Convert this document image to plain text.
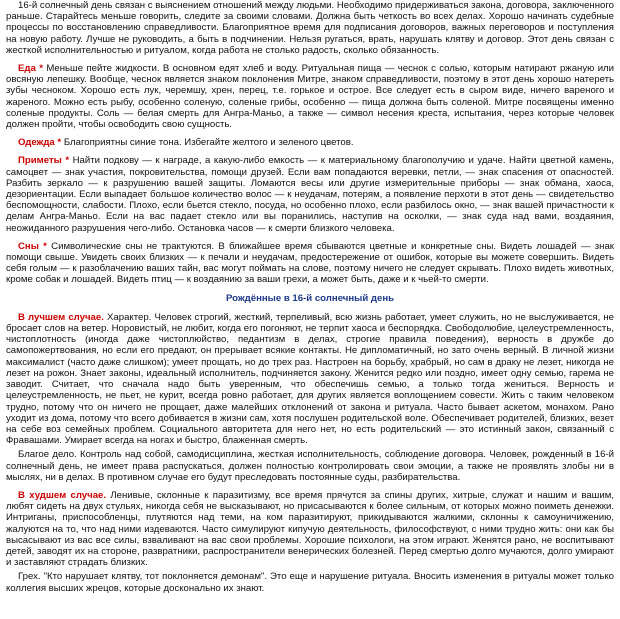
16-й солнечный день связан с выяснением отношений между людьми. Необходимо придерживаться закона, договора, заключенного раньше. Старайтесь меньше говорить, следите за своими словами. Должна быть четкость во всех делах. Хорошо начинать судебные процессы по восстановлению справедливости. Благоприятное время для подписания договоров, важных переговоров и поступления на новую работу. Лучше не руководить, а быть в подчинении. Нельзя ругаться, врать, нарушать клятву и договор. Этот день связан с жесткой исполнительностью и ритуалом, когда работа не столько радость, сколько обязанность.

Еда * Меньше пейте жидкости. В основном едят хлеб и воду. Ритуальная пища — чеснок с солью, которым натирают ржаную или овсяную лепешку. Вообще, чеснок является знаком поклонения Митре, знаком справедливости, поэтому в этот день хорошо натереть зубы чесноком. Хорошо есть лук, черемшу, хрен, перец, т.е. горькое и острое. Все следует есть в сыром виде, ничего вареного и жареного. Можно есть рыбу, особенно соленую, соленые грибы, особенно — пища должна быть соленой. Митре посвящены именно соленые продукты. Соль — белая смерть для Ангра-Маньо, а также — символ несения креста, испытания, через которые человек должен пройти, чтобы освободить свою сущность.

Одежда * Благоприятны синие тона. Избегайте желтого и зеленого цветов.

Приметы * Найти подкову — к награде, а какую-либо емкость — к материальному благополучию и удаче. Найти цветной камень, самоцвет — знак участия, покровительства, помощи друзей. Если вам попадаются веревки, петли, — знак спасения от опасностей. Разбить зеркало — к разрушению вашей защиты. Ломаются весы или другие измерительные приборы — знак обмана, хаоса, дезориентации. Если выпадает большое количество волос — к неудачам, потерям, а появление перхоти в этот день — свидетельство беспомощности, слабости. Плохо, если бьется стекло, посуда, но особенно плохо, если разбилось окно, — знак вашей причастности к делам Ангра-Маньо. Если на вас падает стекло или вы поранились, наступив на осколки, — знак суда над вами, воздаяния, неожиданного разрушения чего-либо. Остановка часов — к смерти близкого человека.

Сны * Символические сны не трактуются. В ближайшее время сбываются цветные и конкретные сны. Видеть лошадей — знак помощи свыше. Увидеть своих близких — к печали и неудачам, предостережение от ошибок, которые вы можете совершить. Видеть себя голым — к разоблачению ваших тайн, вас могут поймать на слове, поэтому ничего не следует скрывать. Плохо видеть животных, кроме собак и лошадей. Видеть птиц — к воздаянию за ваши грехи, а может быть, даже и к чьей-то смерти.

Рождённые в 16-й солнечный день

В лучшем случае. Характер. Человек строгий, жесткий, терпеливый, всю жизнь работает, умеет служить, но не выслуживается, не бросает слов на ветер. Норовистый, не любит, когда его погоняют, не терпит хаоса и беспорядка. Свободолюбие, целеустремленность, чистоплотность (иногда даже чистоплюйство, педантизм в делах, строгие правила поведения), верность в дружбе до самопожертвования, но если его предают, он прерывает всякие контакты. Не дипломатичный, но зато очень верный. В личной жизни максималист (часто даже слишком); умеет прощать, но до трех раз. Настроен на борьбу, храбрый, но сам в драку не лезет, никогда не лезет на рожон. Знает законы, идеальный исполнитель, подчиняется закону. Женится редко или поздно, имеет одну семью, гарема не заводит. Считает, что сначала надо быть уверенным, что обеспечишь семью, а только тогда жениться. Верность и целеустремленность, не пьет, не курит, всегда ровно работает, для других является воплощением совести. Жить с таким человеком трудно, потому что он ничего не прощает, даже малейших отклонений от закона и ритуала. Часто бывает аскетом, монахом. Рано уходит из дома, потому что всего добивается в жизни сам, хотя послушен родительской воле. Обеспечивает родителей, близких, везет на себе воз семейных проблем. Социального авторитета для него нет, но есть родительский — это истинный закон, связанный с Фравашами. Умирает всегда на ногах и быстро, блаженная смерть.

Благое дело. Контроль над собой, самодисциплина, жесткая исполнительность, соблюдение договора. Человек, рожденный в 16-й солнечный день, не имеет права распускаться, должен полностью контролировать свои эмоции, а также не проявлять злобы ни в мыслях, ни в делах. В противном случае его будут преследовать постоянные суды, разбирательства.

В худшем случае. Ленивые, склонные к паразитизму, все время прячутся за спины других, хитрые, служат и нашим и вашим, любят сидеть на двух стульях, никогда себя не высказывают, но присасываются к более сильным, от которых можно поиметь денежки. Интриганы, приспособленцы, плутяются над теми, на ком паразитируют, прикидываются жалкими, склонны к самоуничижению, жалуются на то, что над ними издеваются. Часто симулируют кипучую деятельность, философствуют, с ними трудно жить: они как бы высасывают из вас все силы, взваливают на вас свои проблемы. Хорошие психологи, на этом играют. Женятся рано, не воспитывают детей, заводят их на стороне, развратники, распространители венерических болезней. Перед смертью долго мучаются, долго умирают и заставляют страдать близких.

Грех. "Кто нарушает клятву, тот поклоняется демонам". Это еще и нарушение ритуала. Вносить изменения в ритуалы может только коллегия высших жрецов, которые досконально их знают.
